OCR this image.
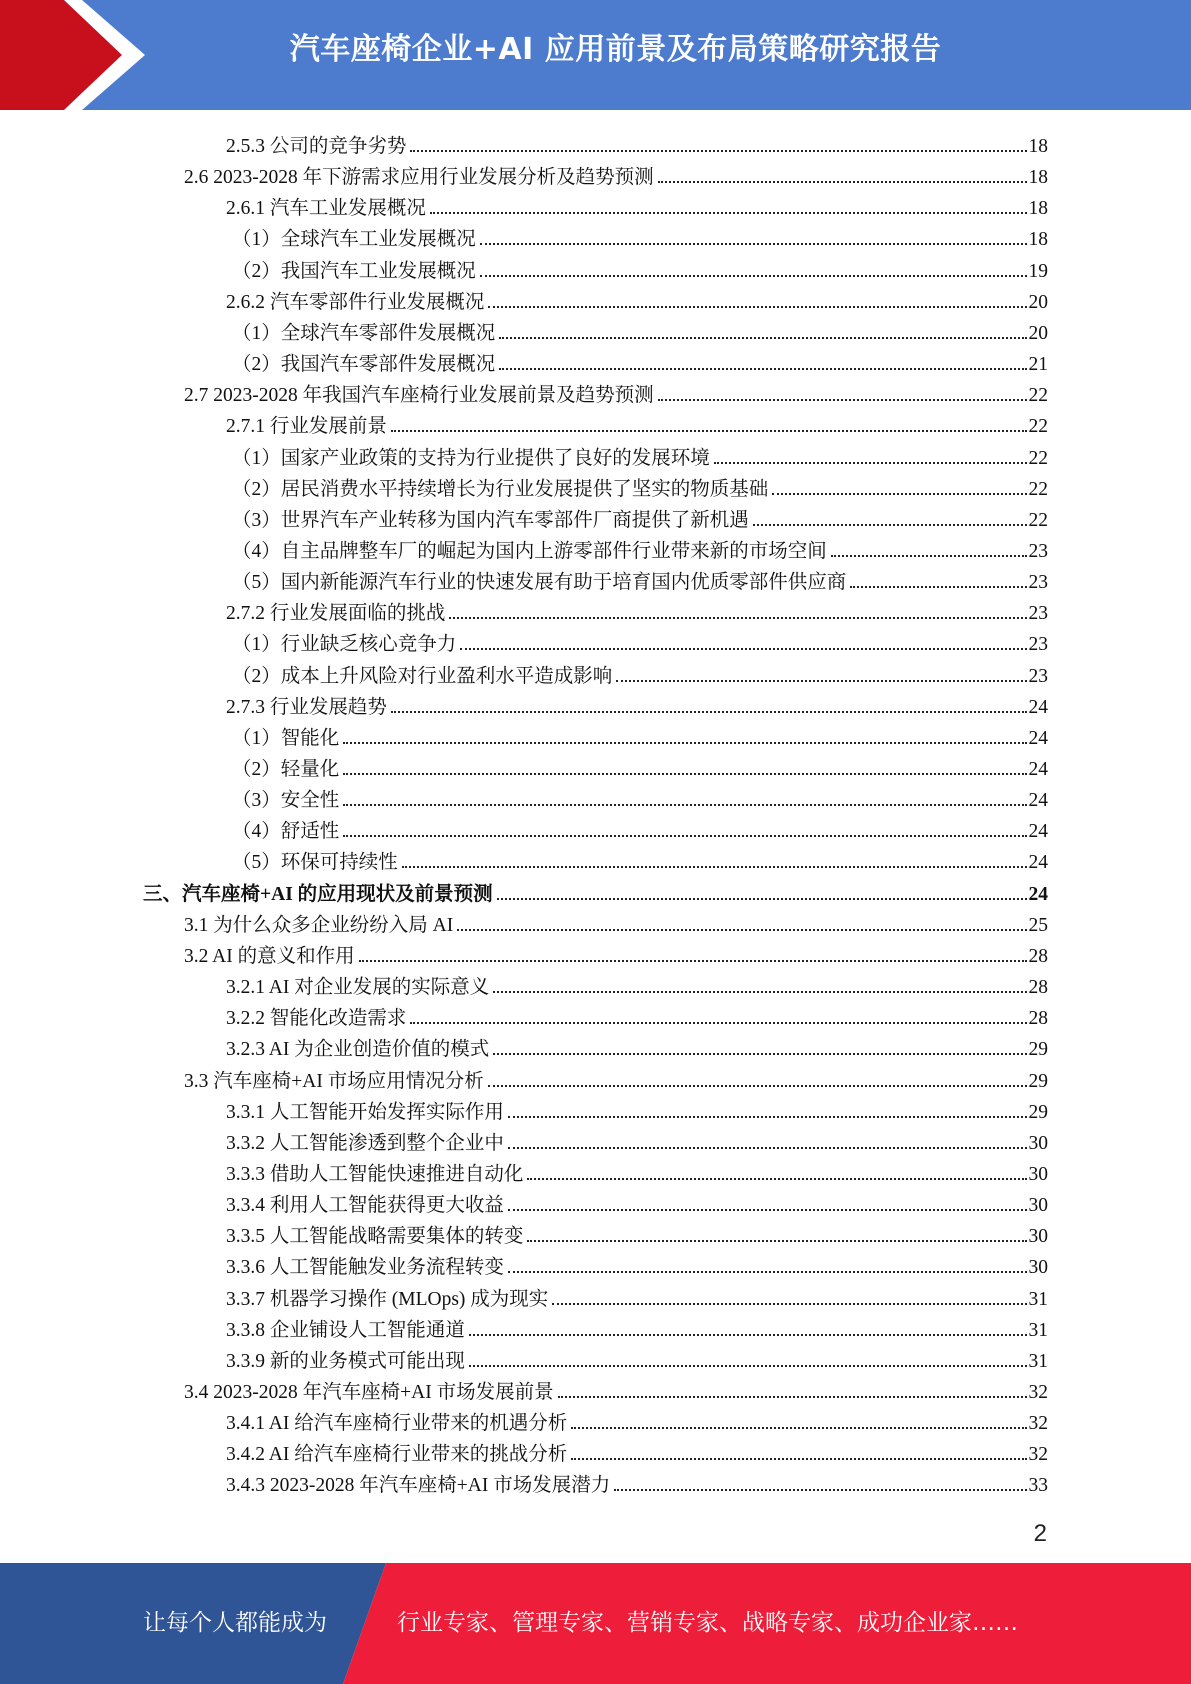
汽车座椅企业+AI 应用前景及布局策略研究报告
2.5.3 公司的竞争劣势	18
2.6 2023-2028 年下游需求应用行业发展分析及趋势预测	18
2.6.1 汽车工业发展概况	18
（1）全球汽车工业发展概况	18
（2）我国汽车工业发展概况	19
2.6.2 汽车零部件行业发展概况	20
（1）全球汽车零部件发展概况	20
（2）我国汽车零部件发展概况	21
2.7 2023-2028 年我国汽车座椅行业发展前景及趋势预测	22
2.7.1 行业发展前景	22
（1）国家产业政策的支持为行业提供了良好的发展环境	22
（2）居民消费水平持续增长为行业发展提供了坚实的物质基础	22
（3）世界汽车产业转移为国内汽车零部件厂商提供了新机遇	22
（4）自主品牌整车厂的崛起为国内上游零部件行业带来新的市场空间	23
（5）国内新能源汽车行业的快速发展有助于培育国内优质零部件供应商	23
2.7.2 行业发展面临的挑战	23
（1）行业缺乏核心竞争力	23
（2）成本上升风险对行业盈利水平造成影响	23
2.7.3 行业发展趋势	24
（1）智能化	24
（2）轻量化	24
（3）安全性	24
（4）舒适性	24
（5）环保可持续性	24
三、汽车座椅+AI 的应用现状及前景预测	24
3.1 为什么众多企业纷纷入局 AI	25
3.2 AI 的意义和作用	28
3.2.1 AI 对企业发展的实际意义	28
3.2.2 智能化改造需求	28
3.2.3 AI 为企业创造价值的模式	29
3.3 汽车座椅+AI 市场应用情况分析	29
3.3.1 人工智能开始发挥实际作用	29
3.3.2 人工智能渗透到整个企业中	30
3.3.3 借助人工智能快速推进自动化	30
3.3.4 利用人工智能获得更大收益	30
3.3.5 人工智能战略需要集体的转变	30
3.3.6 人工智能触发业务流程转变	30
3.3.7 机器学习操作 (MLOps) 成为现实	31
3.3.8 企业铺设人工智能通道	31
3.3.9 新的业务模式可能出现	31
3.4 2023-2028 年汽车座椅+AI 市场发展前景	32
3.4.1 AI 给汽车座椅行业带来的机遇分析	32
3.4.2 AI 给汽车座椅行业带来的挑战分析	32
3.4.3 2023-2028 年汽车座椅+AI 市场发展潜力	33
2
让每个人都能成为	行业专家、管理专家、营销专家、战略专家、成功企业家……
